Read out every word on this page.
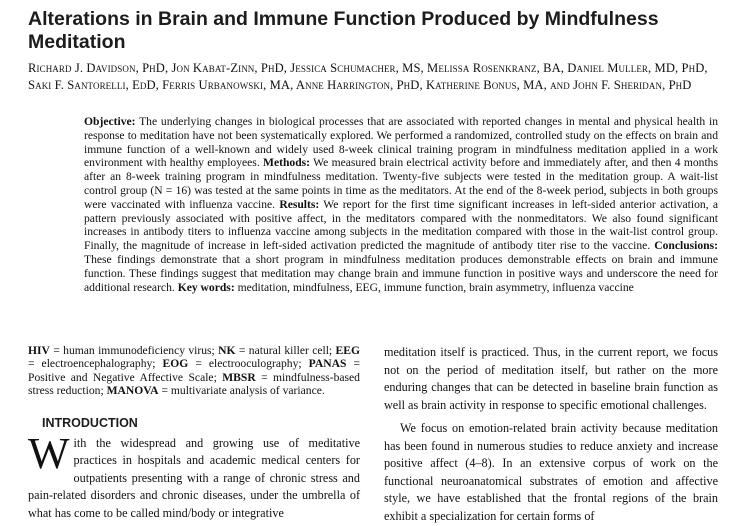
Alterations in Brain and Immune Function Produced by Mindfulness Meditation

Richard J. Davidson, PhD, Jon Kabat-Zinn, PhD, Jessica Schumacher, MS, Melissa Rosenkranz, BA, Daniel Muller, MD, PhD, Saki F. Santorelli, EdD, Ferris Urbanowski, MA, Anne Harrington, PhD, Katherine Bonus, MA, and John F. Sheridan, PhD

Objective: The underlying changes in biological processes that are associated with reported changes in mental and physical health in response to meditation have not been systematically explored. We performed a randomized, controlled study on the effects on brain and immune function of a well-known and widely used 8-week clinical training program in mindfulness meditation applied in a work environment with healthy employees. Methods: We measured brain electrical activity before and immediately after, and then 4 months after an 8-week training program in mindfulness meditation. Twenty-five subjects were tested in the meditation group. A wait-list control group (N = 16) was tested at the same points in time as the meditators. At the end of the 8-week period, subjects in both groups were vaccinated with influenza vaccine. Results: We report for the first time significant increases in left-sided anterior activation, a pattern previously associated with positive affect, in the meditators compared with the nonmeditators. We also found significant increases in antibody titers to influenza vaccine among subjects in the meditation compared with those in the wait-list control group. Finally, the magnitude of increase in left-sided activation predicted the magnitude of antibody titer rise to the vaccine. Conclusions: These findings demonstrate that a short program in mindfulness meditation produces demonstrable effects on brain and immune function. These findings suggest that meditation may change brain and immune function in positive ways and underscore the need for additional research. Key words: meditation, mindfulness, EEG, immune function, brain asymmetry, influenza vaccine

HIV = human immunodeficiency virus; NK = natural killer cell; EEG = electroencephalography; EOG = electrooculography; PANAS = Positive and Negative Affective Scale; MBSR = mindfulness-based stress reduction; MANOVA = multivariate analysis of variance.

INTRODUCTION

With the widespread and growing use of meditative practices in hospitals and academic medical centers for outpatients presenting with a range of chronic stress and pain-related disorders and chronic diseases, under the umbrella of what has come to be called mind/body or integrative

meditation itself is practiced. Thus, in the current report, we focus not on the period of meditation itself, but rather on the more enduring changes that can be detected in baseline brain function as well as brain activity in response to specific emotional challenges.

We focus on emotion-related brain activity because meditation has been found in numerous studies to reduce anxiety and increase positive affect (4–8). In an extensive corpus of work on the functional neuroanatomical substrates of emotion and affective style, we have established that the frontal regions of the brain exhibit a specialization for certain forms of
